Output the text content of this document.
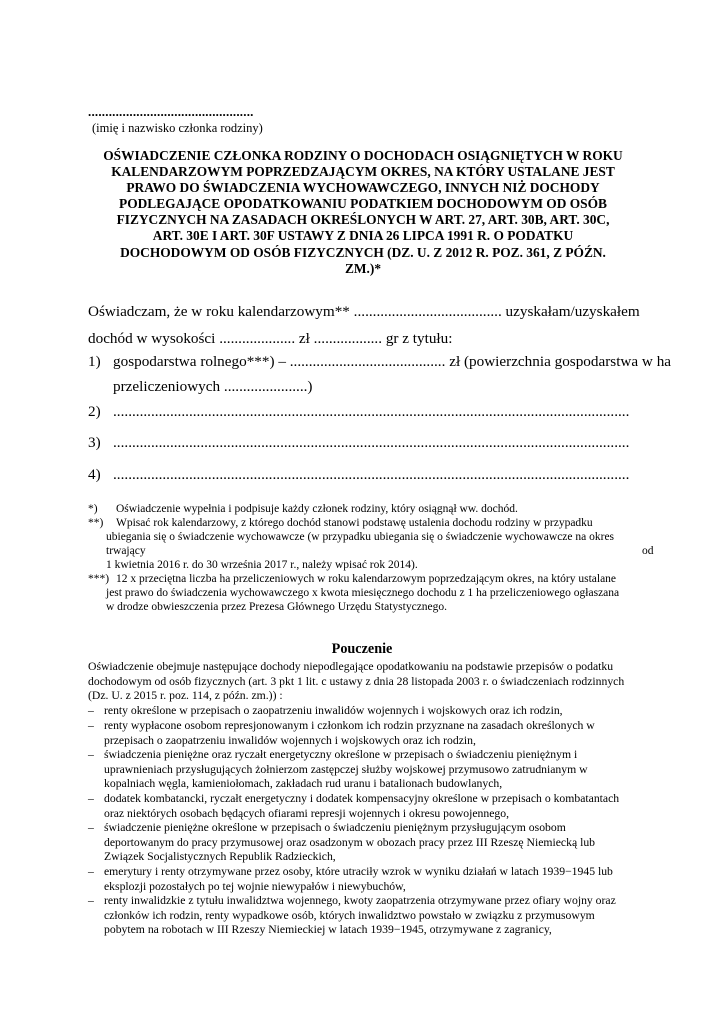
................................................
(imię i nazwisko członka rodziny)
OŚWIADCZENIE CZŁONKA RODZINY O DOCHODACH OSIĄGNIĘTYCH W ROKU
KALENDARZOWYM POPRZEDZAJĄCYM OKRES, NA KTÓRY USTALANE JEST
PRAWO DO ŚWIADCZENIA WYCHOWAWCZEGO, INNYCH NIŻ DOCHODY
PODLEGAJĄCE OPODATKOWANIU PODATKIEM DOCHODOWYM OD OSÓB
FIZYCZNYCH NA ZASADACH OKREŚLONYCH W ART. 27, ART. 30B, ART. 30C,
ART. 30E I ART. 30F USTAWY Z DNIA 26 LIPCA 1991 R. O PODATKU
DOCHODOWYM OD OSÓB FIZYCZNYCH (DZ. U. Z 2012 R. POZ. 361, Z PÓŹN.
ZM.)*
Oświadczam, że w roku kalendarzowym** ....................................... uzyskałam/uzyskałem
dochód w wysokości .................... zł .................. gr z tytułu:
1) gospodarstwa rolnego***) – ......................................... zł (powierzchnia gospodarstwa w ha
przeliczeniowych ......................)
2) ........................................................................................................................................
3) ........................................................................................................................................
4) ........................................................................................................................................
*) Oświadczenie wypełnia i podpisuje każdy członek rodziny, który osiągnął ww. dochód.
**) Wpisać rok kalendarzowy, z którego dochód stanowi podstawę ustalenia dochodu rodziny w przypadku
ubiegania się o świadczenie wychowawcze (w przypadku ubiegania się o świadczenie wychowawcze na okres
trwający	od
1 kwietnia 2016 r. do 30 września 2017 r., należy wpisać rok 2014).
***) 12 x przeciętna liczba ha przeliczeniowych w roku kalendarzowym poprzedzającym okres, na który ustalane
jest prawo do świadczenia wychowawczego x kwota miesięcznego dochodu z 1 ha przeliczeniowego ogłaszana
w drodze obwieszczenia przez Prezesa Głównego Urzędu Statystycznego.
Pouczenie
Oświadczenie obejmuje następujące dochody niepodlegające opodatkowaniu na podstawie przepisów o podatku
dochodowym od osób fizycznych (art. 3 pkt 1 lit. c ustawy z dnia 28 listopada 2003 r. o świadczeniach rodzinnych
(Dz. U. z 2015 r. poz. 114, z późn. zm.)) :
– renty określone w przepisach o zaopatrzeniu inwalidów wojennych i wojskowych oraz ich rodzin,
– renty wypłacone osobom represjonowanym i członkom ich rodzin przyznane na zasadach określonych w
przepisach o zaopatrzeniu inwalidów wojennych i wojskowych oraz ich rodzin,
– świadczenia pieniężne oraz ryczałt energetyczny określone w przepisach o świadczeniu pieniężnym i
uprawnieniach przysługujących żołnierzom zastępczej służby wojskowej przymusowo zatrudnianym w
kopalniach węgla, kamieniołomach, zakładach rud uranu i batalionach budowlanych,
– dodatek kombatancki, ryczałt energetyczny i dodatek kompensacyjny określone w przepisach o kombatantach
oraz niektórych osobach będących ofiarami represji wojennych i okresu powojennego,
– świadczenie pieniężne określone w przepisach o świadczeniu pieniężnym przysługującym osobom
deportowanym do pracy przymusowej oraz osadzonym w obozach pracy przez III Rzeszę Niemiecką lub
Związek Socjalistycznych Republik Radzieckich,
– emerytury i renty otrzymywane przez osoby, które utraciły wzrok w wyniku działań w latach 1939−1945 lub
eksplozji pozostałych po tej wojnie niewypałów i niewybuchów,
– renty inwalidzkie z tytułu inwalidztwa wojennego, kwoty zaopatrzenia otrzymywane przez ofiary wojny oraz
członków ich rodzin, renty wypadkowe osób, których inwalidztwo powstało w związku z przymusowym
pobytem na robotach w III Rzeszy Niemieckiej w latach 1939−1945, otrzymywane z zagranicy,
